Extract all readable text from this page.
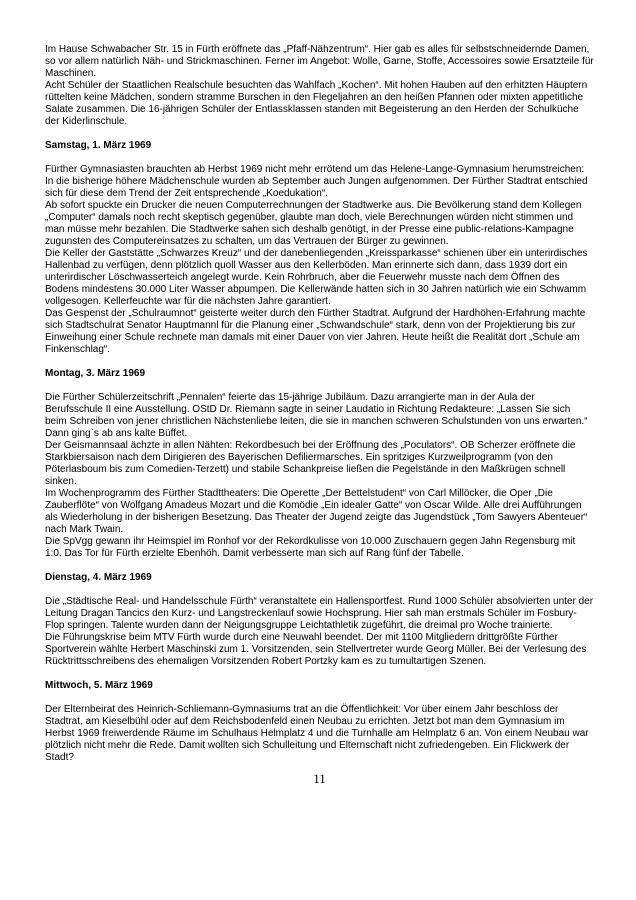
Im Hause Schwabacher Str. 15 in Fürth eröffnete das „Pfaff-Nähzentrum“. Hier gab es alles für selbstschneidernde Damen, so vor allem natürlich Näh- und Strickmaschinen. Ferner im Angebot: Wolle, Garne, Stoffe, Accessoires sowie Ersatzteile für Maschinen.

Acht Schüler der Staatlichen Realschule besuchten das Wahlfach „Kochen“. Mit hohen Hauben auf den erhitzten Häuptern rüttelten keine Mädchen, sondern stramme Burschen in den Flegeljahren an den heißen Pfannen oder mixten appetitliche Salate zusammen. Die 16-jährigen Schüler der Entlassklassen standen mit Begeisterung an den Herden der Schulküche der Kiderlinschule.

Samstag, 1. März 1969

Fürther Gymnasiasten brauchten ab Herbst 1969 nicht mehr errötend um das Helene-Lange-Gymnasium herumstreichen: In die bisherige höhere Mädchenschule wurden ab September auch Jungen aufgenommen. Der Fürther Stadtrat entschied sich für diese dem Trend der Zeit entsprechende „Koedukation“.

Ab sofort spuckte ein Drucker die neuen Computerrechnungen der Stadtwerke aus. Die Bevölkerung stand dem Kollegen „Computer“ damals noch recht skeptisch gegenüber, glaubte man doch, viele Berechnungen würden nicht stimmen und man müsse mehr bezahlen. Die Stadtwerke sahen sich deshalb genötigt, in der Presse eine public-relations-Kampagne zugunsten des Computereinsatzes zu schalten, um das Vertrauen der Bürger zu gewinnen.

Die Keller der Gaststätte „Schwarzes Kreuz“ und der danebenliegenden „Kreissparkasse“ schienen über ein unterirdisches Hallenbad zu verfügen, denn plötzlich quoll Wasser aus den Kellerböden. Man erinnerte sich dann, dass 1939 dort ein unterirdischer Löschwasserteich angelegt wurde. Kein Rohrbruch, aber die Feuerwehr musste nach dem Öffnen des Bodens mindestens 30.000 Liter Wasser abpumpen. Die Kellerwände hatten sich in 30 Jahren natürlich wie ein Schwamm vollgesogen. Kellerfeuchte war für die nächsten Jahre garantiert.

Das Gespenst der „Schulraumnot“ geisterte weiter durch den Fürther Stadtrat. Aufgrund der Hardhöhen-Erfahrung machte sich Stadtschulrat Senator Hauptmannl für die Planung einer „Schwandschule“ stark, denn von der Projektierung bis zur Einweihung einer Schule rechnete man damals mit einer Dauer von vier Jahren. Heute heißt die Realität dort „Schule am Finkenschlag“.

Montag, 3. März 1969

Die Fürther Schülerzeitschrift „Pennalen“ feierte das 15-jährige Jubiläum. Dazu arrangierte man in der Aula der Berufsschule II eine Ausstellung. OStD Dr. Riemann sagte in seiner Laudatio in Richtung Redakteure: „Lassen Sie sich beim Schreiben von jener christlichen Nächstenliebe leiten, die sie in manchen schweren Schulstunden von uns erwarten.“ Dann ging`s ab ans kalte Büffet.

Der Geismannsaal ächzte in allen Nähten: Rekordbesuch bei der Eröffnung des „Poculators“. OB Scherzer eröffnete die Starkbiersaison nach dem Dirigieren des Bayerischen Defiliermarsches. Ein spritziges Kurzweilprogramm (von den Pöterlasboum bis zum Comedien-Terzett) und stabile Schankpreise ließen die Pegelstände in den Maßkrügen schnell sinken.

Im Wochenprogramm des Fürther Stadttheaters: Die Operette „Der Bettelstudent“ von Carl Millöcker, die Oper „Die Zauberflöte“ von Wolfgang Amadeus Mozart und die Komödie „Ein idealer Gatte“ von Oscar Wilde. Alle drei Aufführungen als Wiederholung in der bisherigen Besetzung. Das Theater der Jugend zeigte das Jugendstück „Tom Sawyers Abenteuer“ nach Mark Twain.

Die SpVgg gewann ihr Heimspiel im Ronhof vor der Rekordkulisse von 10.000 Zuschauern gegen Jahn Regensburg mit 1:0. Das Tor für Fürth erzielte Ebenhöh. Damit verbesserte man sich auf Rang fünf der Tabelle.

Dienstag, 4. März 1969

Die „Städtische Real- und Handelsschule Fürth“ veranstaltete ein Hallensportfest. Rund 1000 Schüler absolvierten unter der Leitung Dragan Tancics den Kurz- und Langstreckenlauf sowie Hochsprung. Hier sah man erstmals Schüler im Fosbury-Flop springen. Talente wurden dann der Neigungsgruppe Leichtathletik zugeführt, die dreimal pro Woche trainierte.

Die Führungskrise beim MTV Fürth wurde durch eine Neuwahl beendet. Der mit 1100 Mitgliedern drittgrößte Fürther Sportverein wählte Herbert Maschinski zum 1. Vorsitzenden, sein Stellvertreter wurde Georg Müller. Bei der Verlesung des Rücktrittsschreibens des ehemaligen Vorsitzenden Robert Portzky kam es zu tumultartigen Szenen.

Mittwoch, 5. März 1969

Der Elternbeirat des Heinrich-Schliemann-Gymnasiums trat an die Öffentlichkeit: Vor über einem Jahr beschloss der Stadtrat, am Kieselbühl oder auf dem Reichsbodenfeld einen Neubau zu errichten. Jetzt bot man dem Gymnasium im Herbst 1969 freiwerdende Räume im Schulhaus Helmplatz 4 und die Turnhalle am Helmplatz 6 an. Von einem Neubau war plötzlich nicht mehr die Rede. Damit wollten sich Schulleitung und Elternschaft nicht zufriedengeben. Ein Flickwerk der Stadt?

11
